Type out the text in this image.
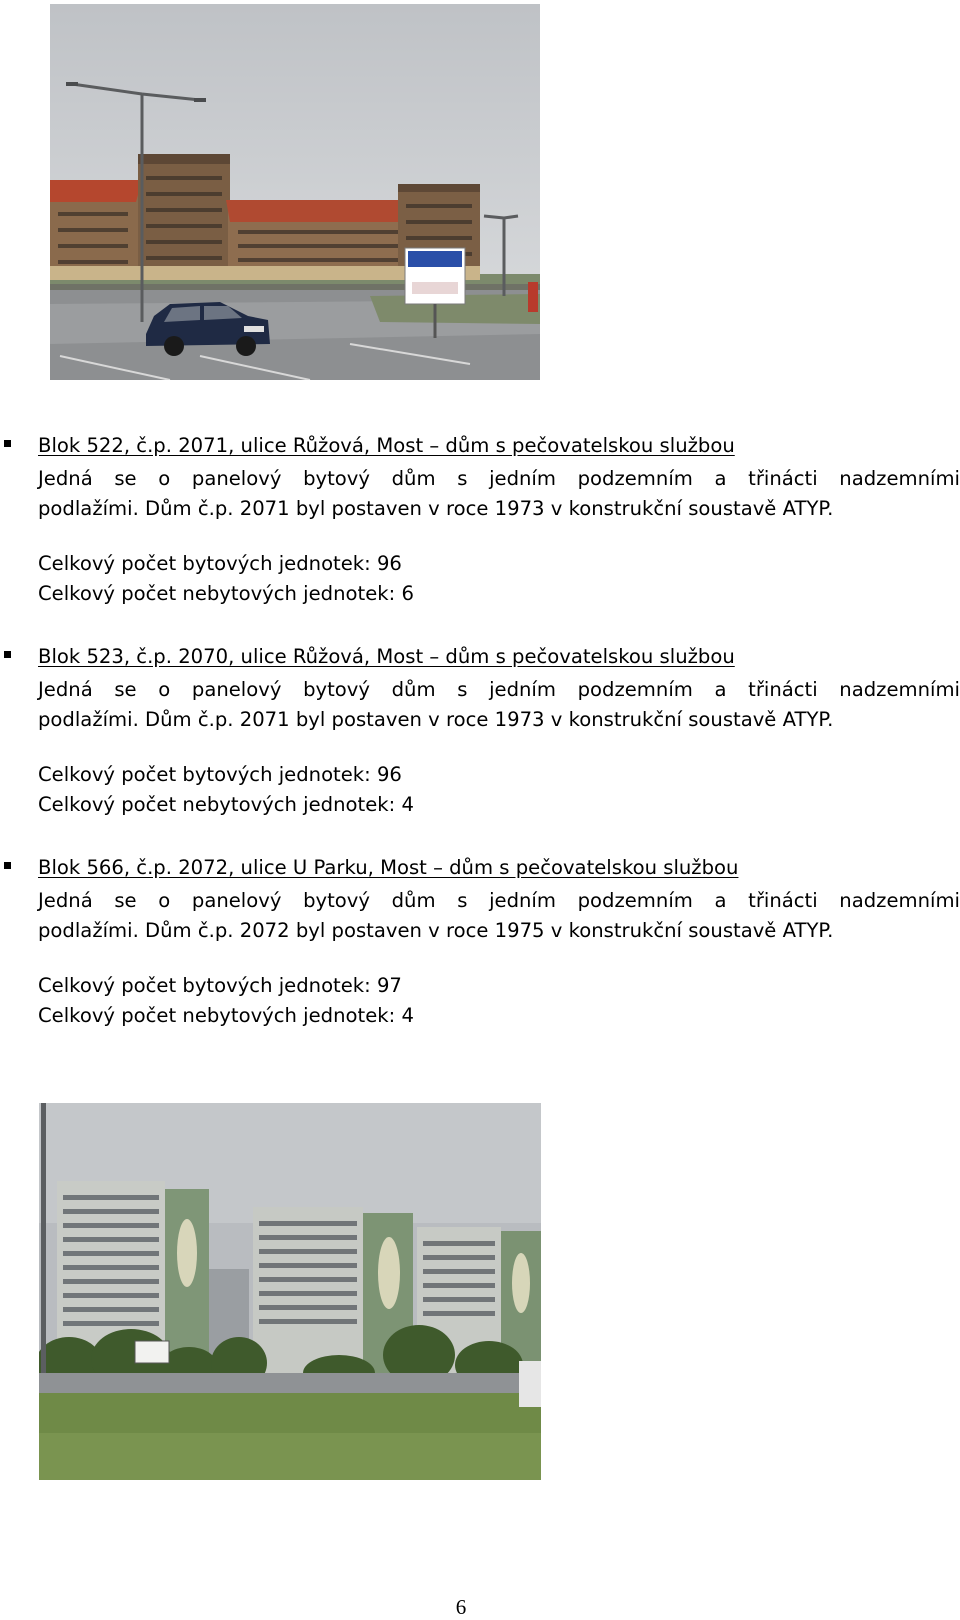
Blok 522, č.p. 2071, ulice Růžová, Most – dům s pečovatelskou službou
Jedná se o panelový bytový dům s jedním podzemním a třinácti nadzemními
podlažími. Dům č.p. 2071 byl postaven v roce 1973 v konstrukční soustavě ATYP.
Celkový počet bytových jednotek: 96
Celkový počet nebytových jednotek: 6
Blok 523, č.p. 2070, ulice Růžová, Most – dům s pečovatelskou službou
Jedná se o panelový bytový dům s jedním podzemním a třinácti nadzemními
podlažími. Dům č.p. 2071 byl postaven v roce 1973 v konstrukční soustavě ATYP.
Celkový počet bytových jednotek: 96
Celkový počet nebytových jednotek: 4
Blok 566, č.p. 2072, ulice U Parku, Most – dům s pečovatelskou službou
Jedná se o panelový bytový dům s jedním podzemním a třinácti nadzemními
podlažími. Dům č.p. 2072 byl postaven v roce 1975 v konstrukční soustavě ATYP.
Celkový počet bytových jednotek: 97
Celkový počet nebytových jednotek: 4
6
